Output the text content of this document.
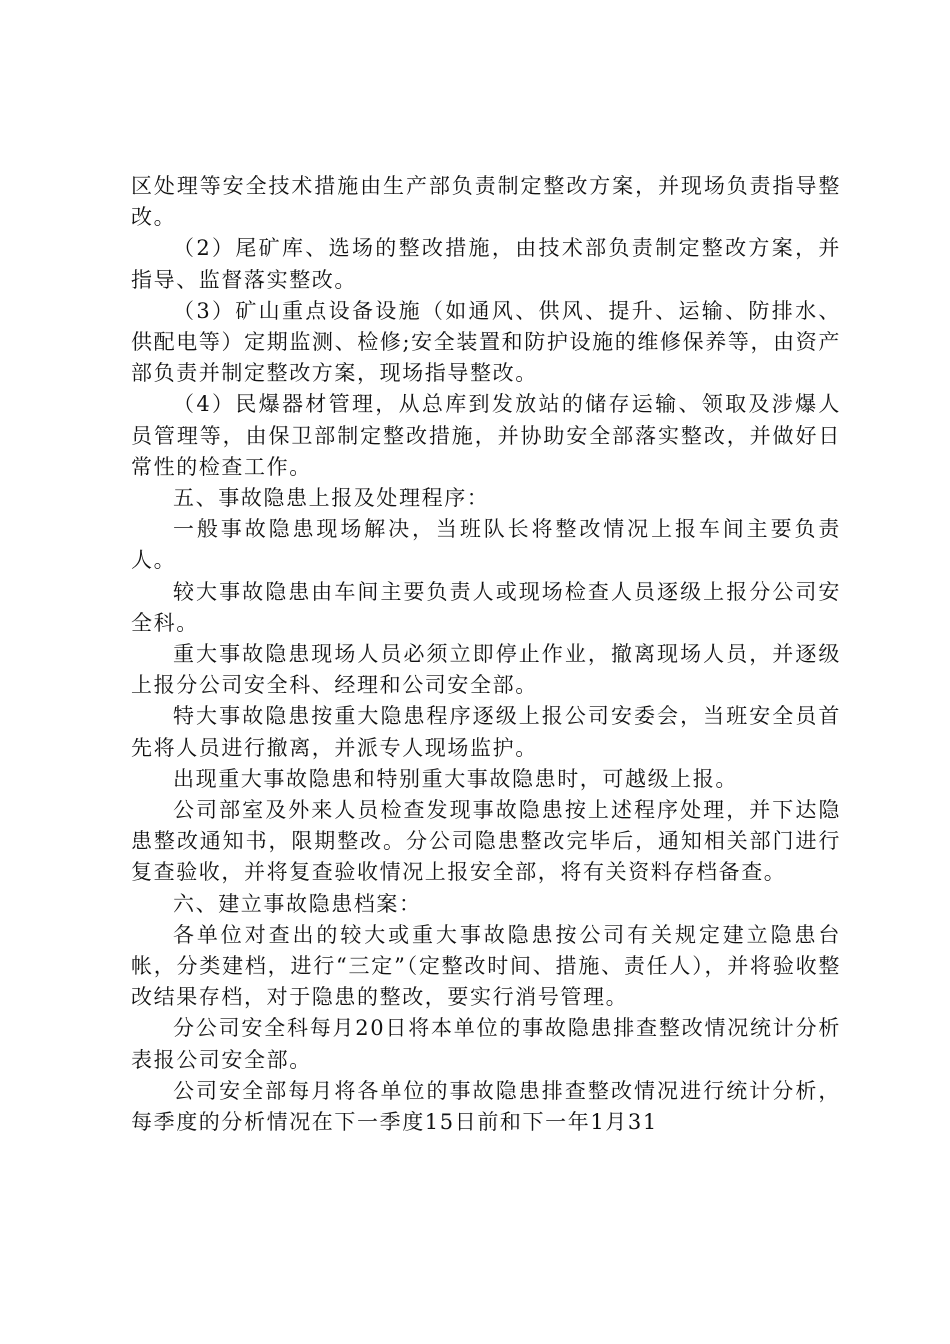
区处理等安全技术措施由生产部负责制定整改方案，并现场负责指导整改。

（2）尾矿库、选场的整改措施，由技术部负责制定整改方案，并指导、监督落实整改。

（3）矿山重点设备设施（如通风、供风、提升、运输、防排水、供配电等）定期监测、检修;安全装置和防护设施的维修保养等，由资产部负责并制定整改方案，现场指导整改。

（4）民爆器材管理，从总库到发放站的储存运输、领取及涉爆人员管理等，由保卫部制定整改措施，并协助安全部落实整改，并做好日常性的检查工作。

五、事故隐患上报及处理程序：

一般事故隐患现场解决，当班队长将整改情况上报车间主要负责人。

较大事故隐患由车间主要负责人或现场检查人员逐级上报分公司安全科。

重大事故隐患现场人员必须立即停止作业，撤离现场人员，并逐级上报分公司安全科、经理和公司安全部。

特大事故隐患按重大隐患程序逐级上报公司安委会，当班安全员首先将人员进行撤离，并派专人现场监护。

出现重大事故隐患和特别重大事故隐患时，可越级上报。

公司部室及外来人员检查发现事故隐患按上述程序处理，并下达隐患整改通知书，限期整改。分公司隐患整改完毕后，通知相关部门进行复查验收，并将复查验收情况上报安全部，将有关资料存档备查。

六、建立事故隐患档案：

各单位对查出的较大或重大事故隐患按公司有关规定建立隐患台帐，分类建档，进行“三定”（定整改时间、措施、责任人），并将验收整改结果存档，对于隐患的整改，要实行消号管理。

分公司安全科每月20日将本单位的事故隐患排查整改情况统计分析表报公司安全部。

公司安全部每月将各单位的事故隐患排查整改情况进行统计分析，每季度的分析情况在下一季度15日前和下一年1月31
